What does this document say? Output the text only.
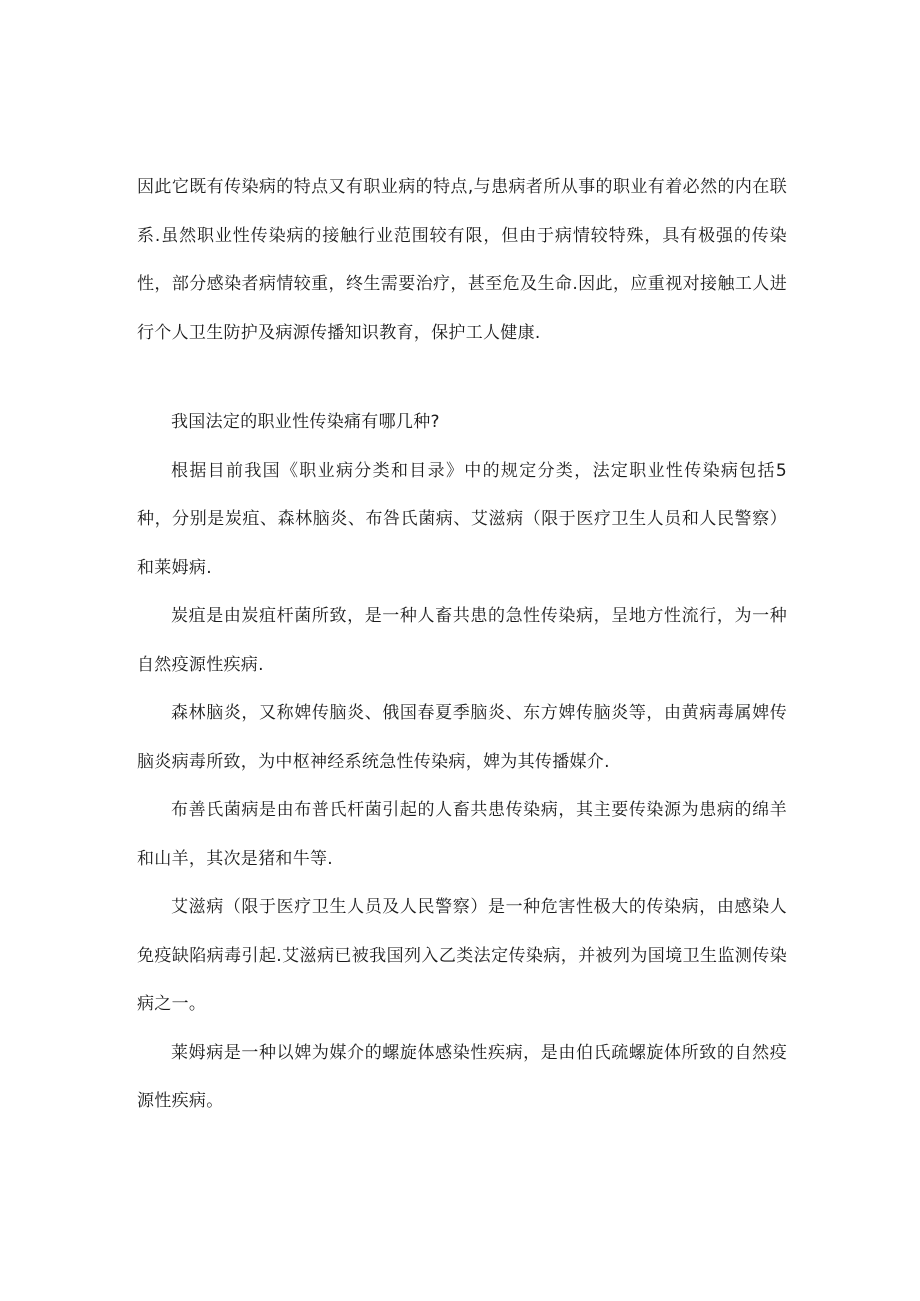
因此它既有传染病的特点又有职业病的特点,与患病者所从事的职业有着必然的内在联系.虽然职业性传染病的接触行业范围较有限，但由于病情较特殊，具有极强的传染性，部分感染者病情较重，终生需要治疗，甚至危及生命.因此，应重视对接触工人进行个人卫生防护及病源传播知识教育，保护工人健康.

我国法定的职业性传染痛有哪几种?

根据目前我国《职业病分类和目录》中的规定分类，法定职业性传染病包括5种，分别是炭疽、森林脑炎、布咎氏菌病、艾滋病（限于医疗卫生人员和人民警察）和莱姆病.

炭疽是由炭疽杆菌所致，是一种人畜共患的急性传染病，呈地方性流行，为一种自然疫源性疾病.

森林脑炎，又称婢传脑炎、俄国春夏季脑炎、东方婢传脑炎等，由黄病毒属婢传脑炎病毒所致，为中枢神经系统急性传染病，婢为其传播媒介.

布善氏菌病是由布普氏杆菌引起的人畜共患传染病，其主要传染源为患病的绵羊和山羊，其次是猪和牛等.

艾滋病（限于医疗卫生人员及人民警察）是一种危害性极大的传染病，由感染人免疫缺陷病毒引起.艾滋病已被我国列入乙类法定传染病，并被列为国境卫生监测传染病之一。

莱姆病是一种以婢为媒介的螺旋体感染性疾病，是由伯氏疏螺旋体所致的自然疫源性疾病。
